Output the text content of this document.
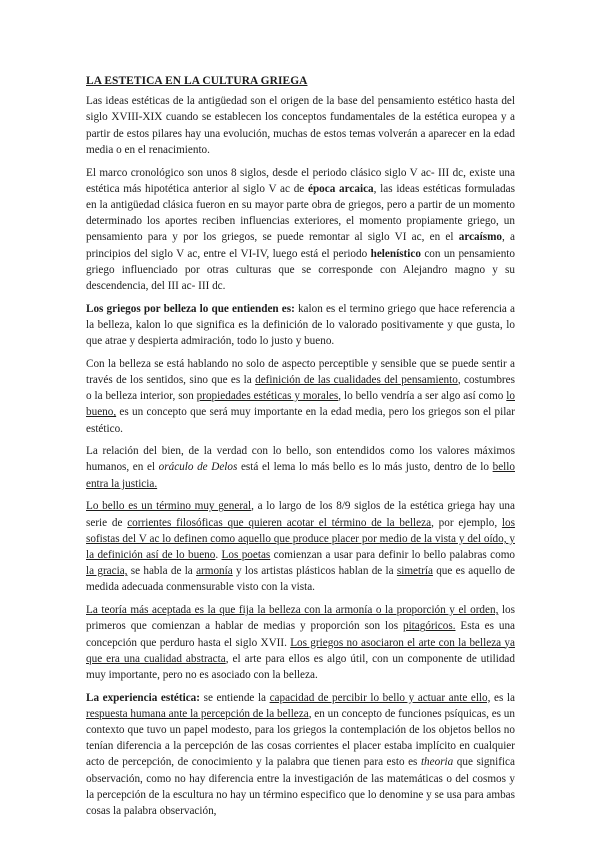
LA ESTETICA EN LA CULTURA GRIEGA

Las ideas estéticas de la antigüedad son el origen de la base del pensamiento estético hasta del siglo XVIII-XIX cuando se establecen los conceptos fundamentales de la estética europea y a partir de estos pilares hay una evolución, muchas de estos temas volverán a aparecer en la edad media o en el renacimiento.

El marco cronológico son unos 8 siglos, desde el periodo clásico siglo V ac- III dc, existe una estética más hipotética anterior al siglo V ac de época arcaica, las ideas estéticas formuladas en la antigüedad clásica fueron en su mayor parte obra de griegos, pero a partir de un momento determinado los aportes reciben influencias exteriores, el momento propiamente griego, un pensamiento para y por los griegos, se puede remontar al siglo VI ac, en el arcaísmo, a principios del siglo V ac, entre el VI-IV, luego está el periodo helenístico con un pensamiento griego influenciado por otras culturas que se corresponde con Alejandro magno y su descendencia, del III ac- III dc.

Los griegos por belleza lo que entienden es: kalon es el termino griego que hace referencia a la belleza, kalon lo que significa es la definición de lo valorado positivamente y que gusta, lo que atrae y despierta admiración, todo lo justo y bueno.

Con la belleza se está hablando no solo de aspecto perceptible y sensible que se puede sentir a través de los sentidos, sino que es la definición de las cualidades del pensamiento, costumbres o la belleza interior, son propiedades estéticas y morales, lo bello vendría a ser algo así como lo bueno, es un concepto que será muy importante en la edad media, pero los griegos son el pilar estético.

La relación del bien, de la verdad con lo bello, son entendidos como los valores máximos humanos, en el oráculo de Delos está el lema lo más bello es lo más justo, dentro de lo bello entra la justicia.

Lo bello es un término muy general, a lo largo de los 8/9 siglos de la estética griega hay una serie de corrientes filosóficas que quieren acotar el término de la belleza, por ejemplo, los sofistas del V ac lo definen como aquello que produce placer por medio de la vista y del oído, y la definición así de lo bueno. Los poetas comienzan a usar para definir lo bello palabras como la gracia, se habla de la armonía y los artistas plásticos hablan de la simetría que es aquello de medida adecuada conmensurable visto con la vista.

La teoría más aceptada es la que fija la belleza con la armonía o la proporción y el orden, los primeros que comienzan a hablar de medias y proporción son los pitagóricos. Esta es una concepción que perduro hasta el siglo XVII. Los griegos no asociaron el arte con la belleza ya que era una cualidad abstracta, el arte para ellos es algo útil, con un componente de utilidad muy importante, pero no es asociado con la belleza.

La experiencia estética: se entiende la capacidad de percibir lo bello y actuar ante ello, es la respuesta humana ante la percepción de la belleza, en un concepto de funciones psíquicas, es un contexto que tuvo un papel modesto, para los griegos la contemplación de los objetos bellos no tenían diferencia a la percepción de las cosas corrientes el placer estaba implícito en cualquier acto de percepción, de conocimiento y la palabra que tienen para esto es theoria que significa observación, como no hay diferencia entre la investigación de las matemáticas o del cosmos y la percepción de la escultura no hay un término especifico que lo denomine y se usa para ambas cosas la palabra observación,
